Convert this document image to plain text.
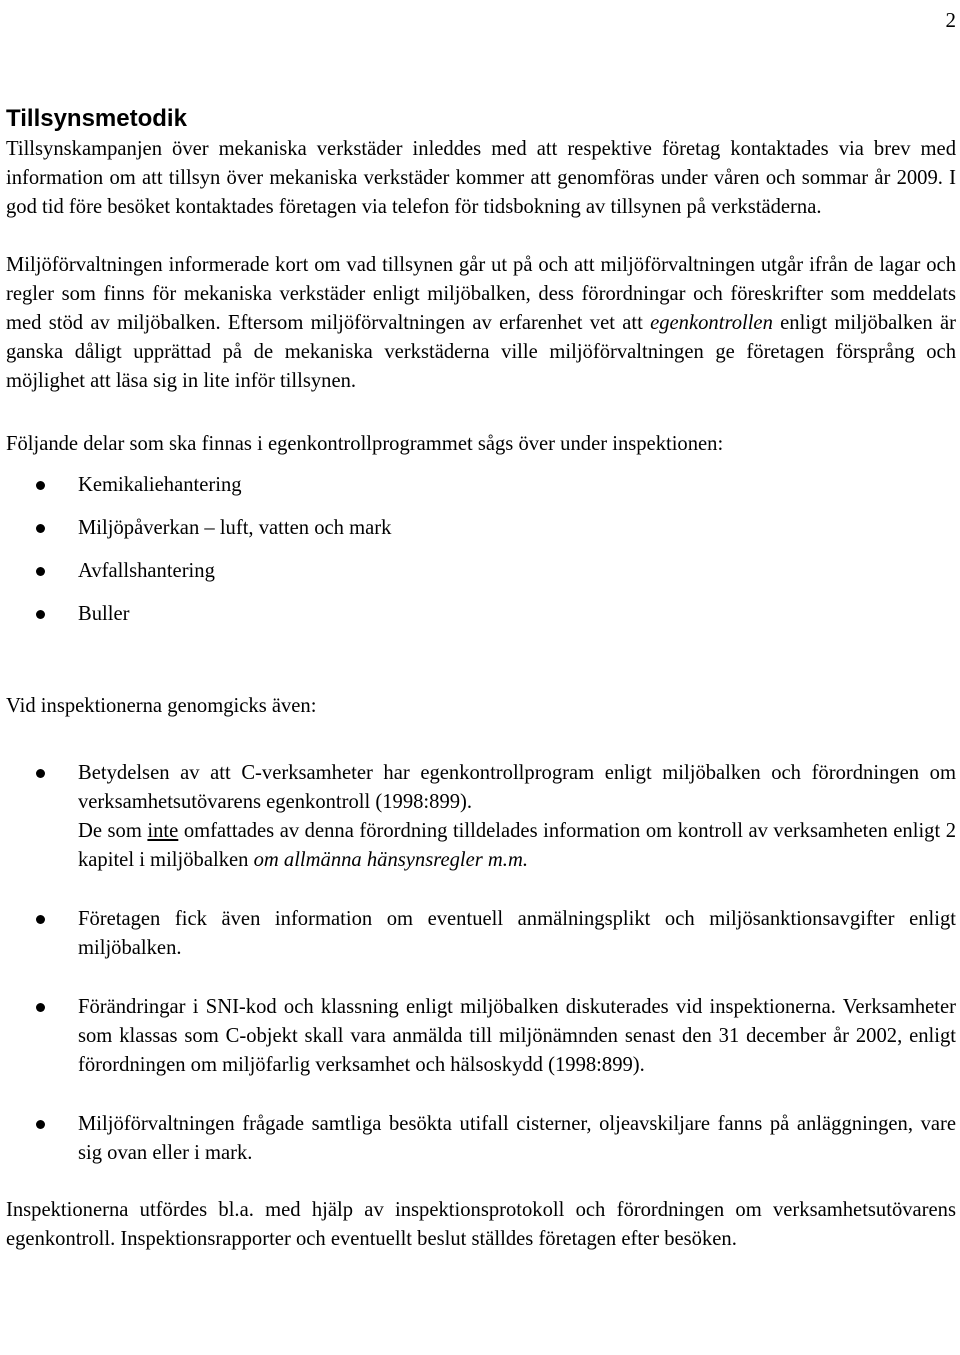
2
Tillsynsmetodik

Tillsynskampanjen över mekaniska verkstäder inleddes med att respektive företag kontaktades via brev med information om att tillsyn över mekaniska verkstäder kommer att genomföras under våren och sommar år 2009. I god tid före besöket kontaktades företagen via telefon för tidsbokning av tillsynen på verkstäderna.

Miljöförvaltningen informerade kort om vad tillsynen går ut på och att miljöförvaltningen utgår ifrån de lagar och regler som finns för mekaniska verkstäder enligt miljöbalken, dess förordningar och föreskrifter som meddelats med stöd av miljöbalken. Eftersom miljöförvaltningen av erfarenhet vet att egenkontrollen enligt miljöbalken är ganska dåligt upprättad på de mekaniska verkstäderna ville miljöförvaltningen ge företagen försprång och möjlighet att läsa sig in lite inför tillsynen.

Följande delar som ska finnas i egenkontrollprogrammet sågs över under inspektionen:

Kemikaliehantering
Miljöpåverkan – luft, vatten och mark
Avfallshantering
Buller

Vid inspektionerna genomgicks även:

Betydelsen av att C-verksamheter har egenkontrollprogram enligt miljöbalken och förordningen om verksamhetsutövarens egenkontroll (1998:899).
De som inte omfattades av denna förordning tilldelades information om kontroll av verksamheten enligt 2 kapitel i miljöbalken om allmänna hänsynsregler m.m.
Företagen fick även information om eventuell anmälningsplikt och miljösanktionsavgifter enligt miljöbalken.
Förändringar i SNI-kod och klassning enligt miljöbalken diskuterades vid inspektionerna. Verksamheter som klassas som C-objekt skall vara anmälda till miljönämnden senast den 31 december år 2002, enligt förordningen om miljöfarlig verksamhet och hälsoskydd (1998:899).
Miljöförvaltningen frågade samtliga besökta utifall cisterner, oljeavskiljare fanns på anläggningen, vare sig ovan eller i mark.

Inspektionerna utfördes bl.a. med hjälp av inspektionsprotokoll och förordningen om verksamhetsutövarens egenkontroll. Inspektionsrapporter och eventuellt beslut ställdes företagen efter besöken.
